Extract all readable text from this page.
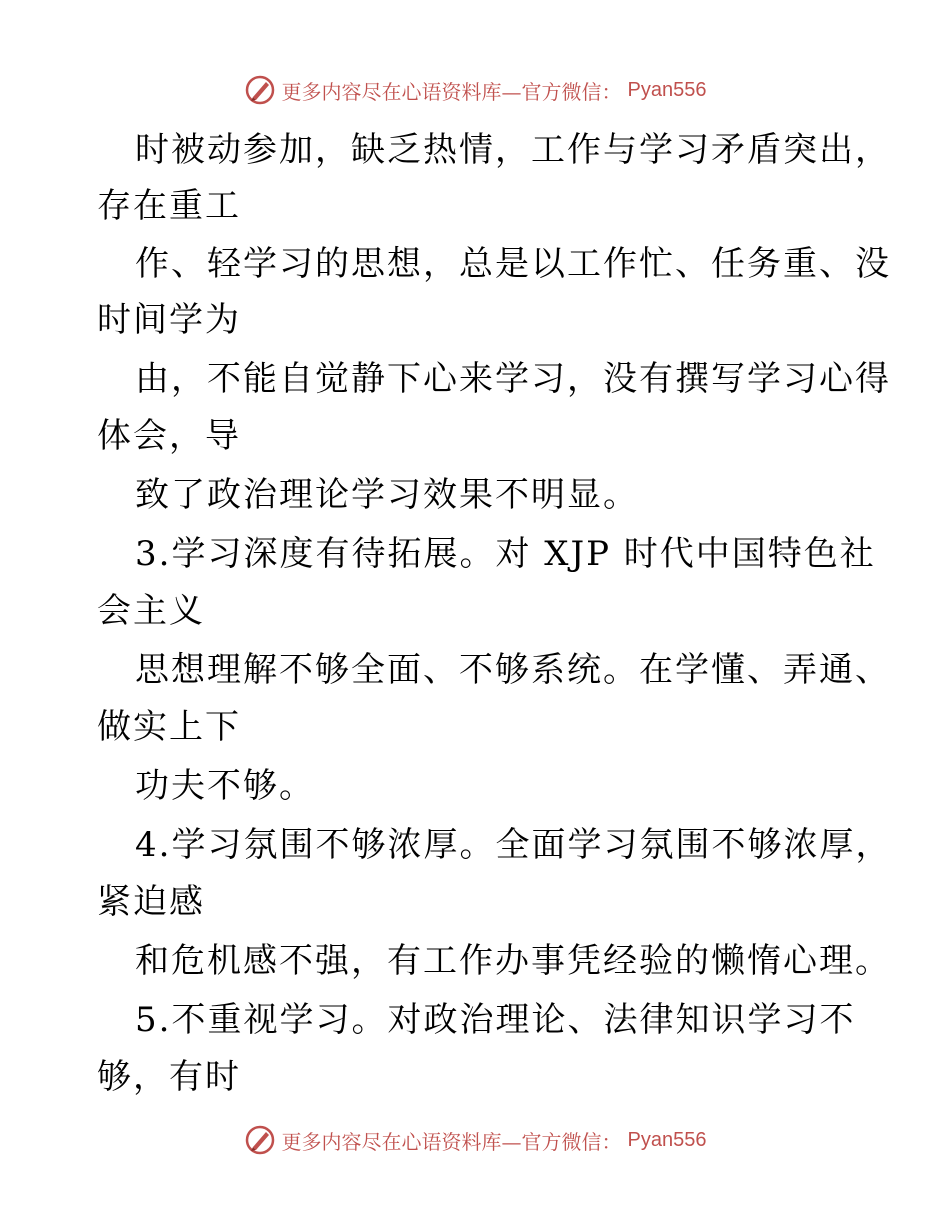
更多内容尽在心语资料库—官方微信： Pyan556
时被动参加，缺乏热情，工作与学习矛盾突出，
存在重工
作、轻学习的思想，总是以工作忙、任务重、没
时间学为
由，不能自觉静下心来学习，没有撰写学习心得
体会，导
致了政治理论学习效果不明显。
3.学习深度有待拓展。对 XJP 时代中国特色社
会主义
思想理解不够全面、不够系统。在学懂、弄通、
做实上下
功夫不够。
4.学习氛围不够浓厚。全面学习氛围不够浓厚，
紧迫感
和危机感不强，有工作办事凭经验的懒惰心理。
5.不重视学习。对政治理论、法律知识学习不
够，有时
更多内容尽在心语资料库—官方微信： Pyan556
